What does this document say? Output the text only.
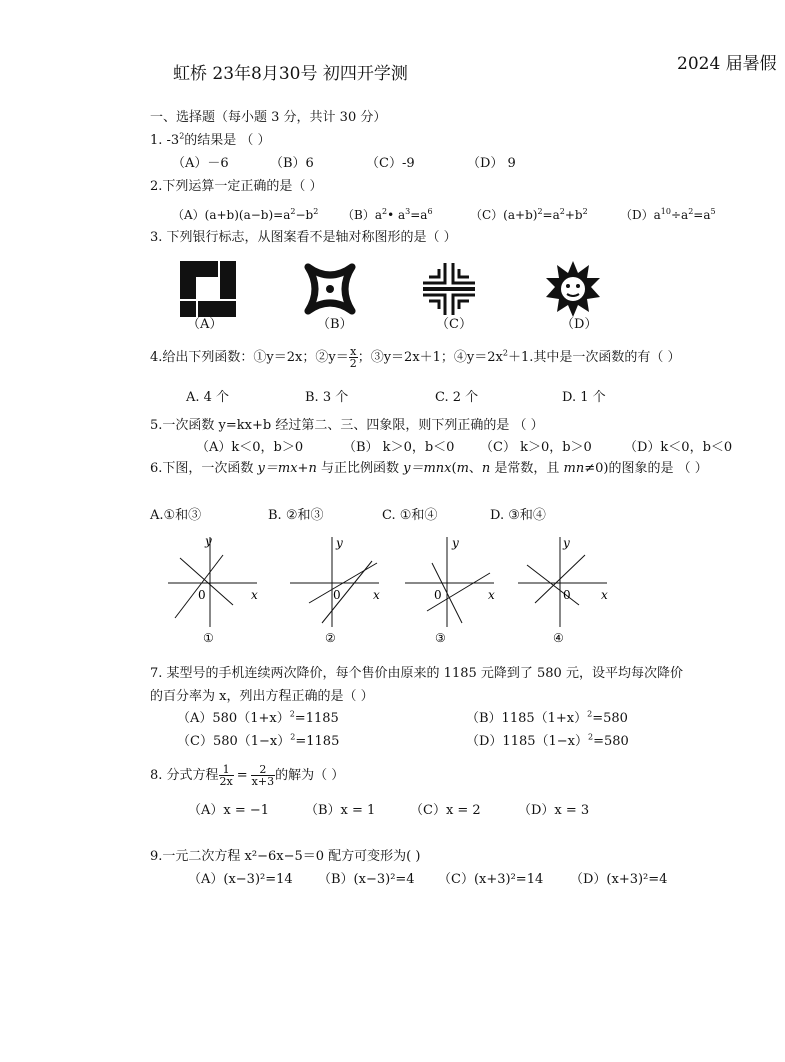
虹桥 23年8月30号 初四开学测	2024 届暑假
一、选择题（每小题 3 分，共计 30 分）
1. $-3^2$的结果是 （ ）
（A）－6	（B）6	（C）-9	（D） 9
2.下列运算一定正确的是（ ）
$(A)(a+b)(a-b)=a^2-b^2$ $(B)a^2•$ $a^3=a^6$	$(C)(a+b)^2=a^2+b^2$	$(D)a^{10}\div a^2=a^5$
3. 下列银行标志，从图案看不是轴对称图形的是（ ）
（A）	（B）	（C）	（D）
4.给出下列函数：①y＝2x；②y＝ $\frac{x}{2}$ ；③y＝2x＋1；$④y=2x^2+1$.其中是一次函数的有（ ）
A. 4 个	B. 3 个	C. 2 个	D. 1 个
5.一次函数 y=kx+b 经过第二、三、四象限，则下列正确的是 （ ）
（A）k＜0，b＞0	（B） k＞0，b＜0 （C） k＞0，b＞0 （D）k＜0，b＜0
6.下图，一次函数 y＝mx+n 与正比例函数 y＝mnx(m、n 是常数，且 mn≠0)的图象的是 （ ）
A.①和③	B. ②和③	C. ①和④	D. ③和④
y
x
0
①
y
x
0
②
y
x
0
③
y
x
0
④
7. 某型号的手机连续两次降价，每个售价由原来的 1185 元降到了 580 元，设平均每次降价
的百分率为 x，列出方程正确的是（ ）
$(A)580(1+x)^2=1185$	$(B)1185(1+x)^2=580$
$(C)580(1-x)^2=1185$	$(D)1185(1-x)^2=580$
8. 分式方程 $\frac{1}{2x} = \frac{2}{x+3}$ 的解为（ ）
（A）x = −1	（B）x = 1	（C）x = 2	（D）x = 3
9.一元二次方程 x²−6x−5＝0 配方可变形为( )
（A）(x−3)²=14 （B）(x−3)²=4 （C）(x+3)²=14 （D）(x+3)²=4
